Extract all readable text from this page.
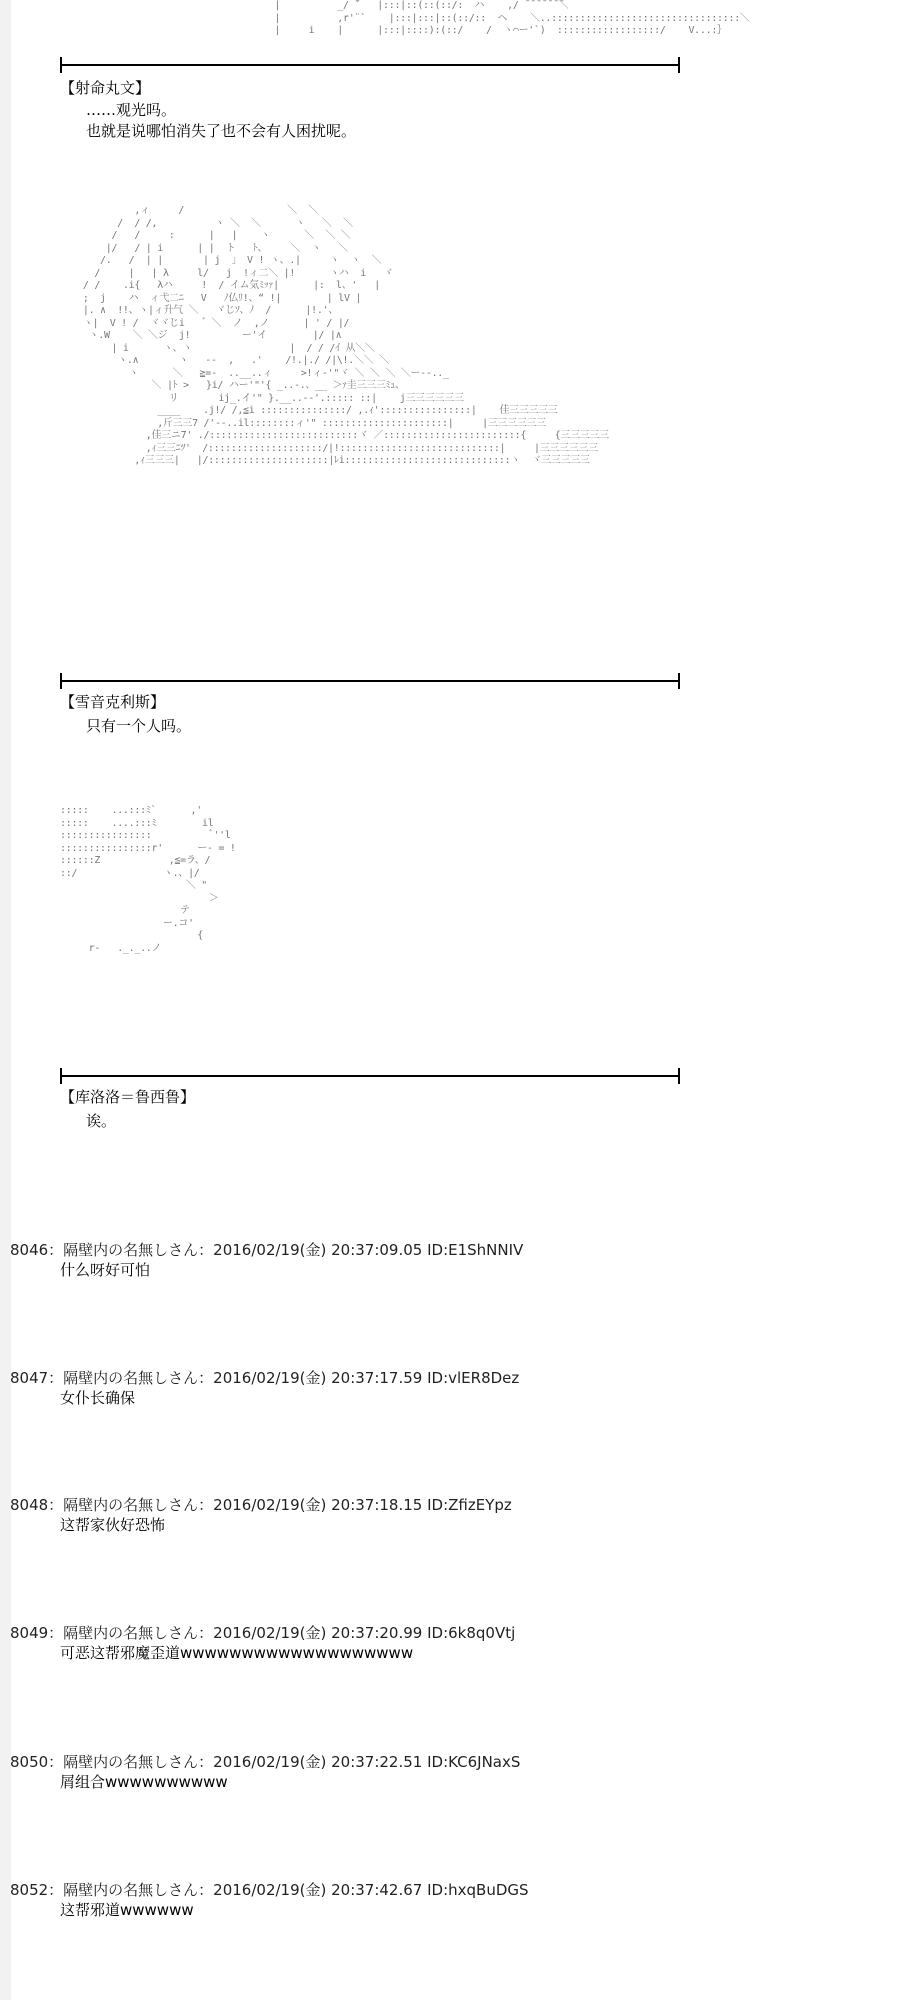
|          _/ ̄`   |:::|::(::(::/:  ハ    ,/ ̄ ̄ ̄ ̄ ̄ ̄ ̄＼
|          ,r'¨`    |:::|:::|::(::/::  ヘ    ＼..:::::::::::::::::::::::::::::::::＼
|     i    |      |:::|::::):(::/    /  ヽ⌒ー'`)  ::::::::::::::::::/    V...:｝
【射命丸文】
……观光吗。
也就是说哪怕消失了也不会有人困扰呢。
,ィ     /                  ＼  ＼
/  / /,          ヽ ＼  ＼      ヽ   ＼  ＼
/   /     :      |   |    ヽ      ＼  ＼ ＼
|/   / | i      | |  ト   ﾄ、    ＼  ヽ   ＼
/.   /  | |       | j  」 V ! ヽ、.|     ヽ  ヽ  ＼
/     |   | λ     l/   j  !ィ二＼ |!      ヽハ  i   ヾ
/ /    .i{   λハ     !  / イム気ﾐｯｧ|      |:  l、'   |
;  j    ハ  ィ弋二ﾆ   V   ﾉ仏ﾘ!、“ !|        | lV |
|. ∧  !!、ヽ|ィ升气 ＼   ヾじｿ、ﾉ  /      |!.'、
ヽ|  V ! /  ヾヾじi   ゛＼  ノ  ,ノ      | ' / |/
ヽ.W    ＼ ＼ジ  j!         ー'イ        |/ |∧
| i      ヽ、ヽ                 |  / / /ｲ 从＼＼
ヽ.∧       ヽ   ‐-  ,   .'    /!.|./ /|\!.＼＼ ＼
ヽ      ＼   ≧=-  ..__..ィ     >!ィ‐'"ヾ ＼ ＼ ＼ ＼ー‐-.._
＼ |ﾄ >   }i/ ハー'"'{ _..-.、__ ＞ｧ圭三三三ﾐｭ、
リ       ij_.イ'" }.__..-‐'.::::: ::|    j三三三三三三
____    .j!/ /,≦i :::::::::::::::/ ,.ｨ'::::::::::::::::|    佳三三三三三
,斤三三7 /'‐‐..il::::::::ィ'" ::::::::::::::::::::::|     |三三三三三三
,佳三ニ7' ./::::::::::::::::::::::::::ヾ ／::::::::::::::::::::::::{     {三三三三三
,ｨ三三ﾆﾂ'  /::::::::::::::::::::/|!::::::::::::::::::::::::::::|     |三三三三三三
,ｨ三三三|   |/:::::::::::::::::::::|ﾚi:::::::::::::::::::::::::::::ヽ  ヾ三三三三三
【雪音克利斯】
只有一个人吗。
:::::    ...:::ﾐ`      ,'
:::::    ....:::ﾐ        il
::::::::::::::::          ﾞ''l
::::::::::::::::r'      ー‐ = !
::::::Z            ,≦=ラ、/
::/               ヽ.、|/
＼ "
＞
テ
ー.コ'
{
r‐   ._._..ノ
【库洛洛＝鲁西鲁】
诶。
8046：隔壁内の名無しさん：2016/02/19(金) 20:37:09.05 ID:E1ShNNIV
什么呀好可怕
8047：隔壁内の名無しさん：2016/02/19(金) 20:37:17.59 ID:vlER8Dez
女仆长确保
8048：隔壁内の名無しさん：2016/02/19(金) 20:37:18.15 ID:ZfizEYpz
这帮家伙好恐怖
8049：隔壁内の名無しさん：2016/02/19(金) 20:37:20.99 ID:6k8q0Vtj
可恶这帮邪魔歪道wwwwwwwwwwwwwwwwwww
8050：隔壁内の名無しさん：2016/02/19(金) 20:37:22.51 ID:KC6JNaxS
屑组合wwwwwwwwww
8052：隔壁内の名無しさん：2016/02/19(金) 20:37:42.67 ID:hxqBuDGS
这帮邪道wwwwww
